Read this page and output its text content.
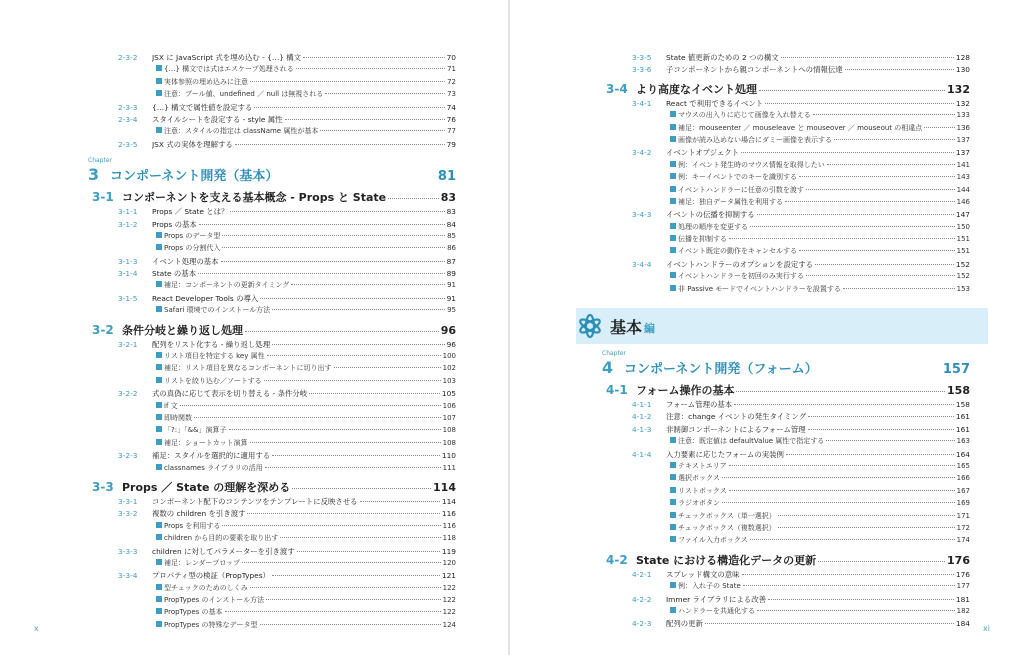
2-3-2	JSX に JavaScript 式を埋め込む - {…} 構文	70
{…} 構文では式はエスケープ処理される	71
実体参照の埋め込みに注意	72
注意：ブール値、undefined ／ null は無視される	73
2-3-3	{…} 構文で属性値を設定する	74
2-3-4	スタイルシートを設定する - style 属性	76
注意：スタイルの指定は className 属性が基本	77
2-3-5	JSX 式の実体を理解する	79
Chapter
3 コンポーネント開発（基本）	81
3-1 コンポーネントを支える基本概念 - Props と State	83
3-1-1	Props ／ State とは？	83
3-1-2	Props の基本	84
Props のデータ型	85
Props の分割代入	86
3-1-3	イベント処理の基本	87
3-1-4	State の基本	89
補足：コンポーネントの更新タイミング	91
3-1-5	React Developer Tools の導入	91
Safari 環境でのインストール方法	95
3-2 条件分岐と繰り返し処理	96
3-2-1	配列をリスト化する - 繰り返し処理	96
リスト項目を特定する key 属性	100
補足：リスト項目を異なるコンポーネントに切り出す	102
リストを絞り込む／ソートする	103
3-2-2	式の真偽に応じて表示を切り替える - 条件分岐	105
if 文	106
即時関数	107
「?:」「&&」演算子	108
補足：ショートカット演算	108
3-2-3	補足：スタイルを選択的に適用する	110
classnames ライブラリの活用	111
3-3 Props ／ State の理解を深める	114
3-3-1	コンポーネント配下のコンテンツをテンプレートに反映させる	114
3-3-2	複数の children を引き渡す	116
Props を利用する	116
children から目的の要素を取り出す	118
3-3-3	children に対してパラメーターを引き渡す	119
補足：レンダープロップ	120
3-3-4	プロパティ型の検証（PropTypes）	121
型チェックのためのしくみ	122
PropTypes のインストール方法	122
PropTypes の基本	122
PropTypes の特殊なデータ型	124
x
3-3-5	State 値更新のための 2 つの構文	128
3-3-6	子コンポーネントから親コンポーネントへの情報伝達	130
3-4 より高度なイベント処理	132
3-4-1	React で利用できるイベント	132
マウスの出入りに応じて画像を入れ替える	133
補足：mouseenter ／ mouseleave と mouseover ／ mouseout の相違点	136
画像が読み込めない場合にダミー画像を表示する	137
3-4-2	イベントオブジェクト	137
例：イベント発生時のマウス情報を取得したい	141
例：キーイベントでのキーを識別する	143
イベントハンドラーに任意の引数を渡す	144
補足：独自データ属性を利用する	146
3-4-3	イベントの伝播を抑制する	147
処理の順序を変更する	150
伝播を抑制する	151
イベント既定の動作をキャンセルする	151
3-4-4	イベントハンドラーのオプションを設定する	152
イベントハンドラーを初回のみ実行する	152
非 Passive モードでイベントハンドラーを設置する	153
基本 編
Chapter
4 コンポーネント開発（フォーム）	157
4-1 フォーム操作の基本	158
4-1-1	フォーム管理の基本	158
4-1-2	注意：change イベントの発生タイミング	161
4-1-3	非制御コンポーネントによるフォーム管理	161
注意：既定値は defaultValue 属性で指定する	163
4-1-4	入力要素に応じたフォームの実装例	164
テキストエリア	165
選択ボックス	166
リストボックス	167
ラジオボタン	169
チェックボックス（単一選択）	171
チェックボックス（複数選択）	172
ファイル入力ボックス	174
4-2 State における構造化データの更新	176
4-2-1	スプレッド構文の意味	176
例：入れ子の State	177
4-2-2	Immer ライブラリによる改善	181
ハンドラーを共通化する	182
4-2-3	配列の更新	184
xi
